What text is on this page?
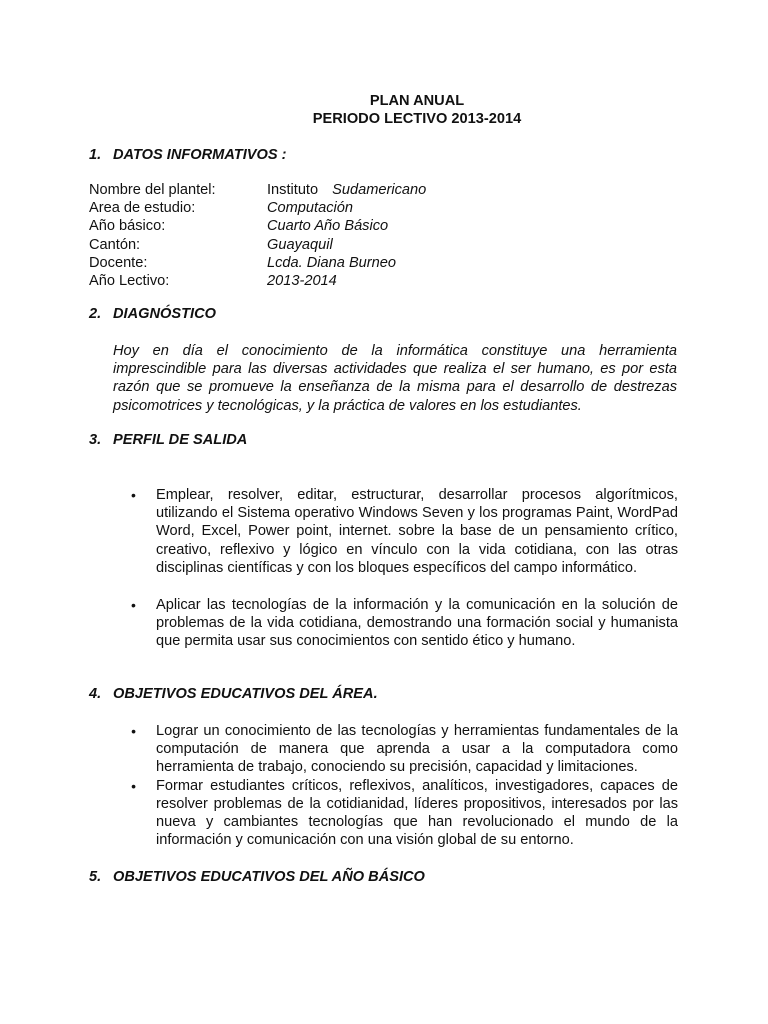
PLAN ANUAL
PERIODO LECTIVO 2013-2014
1. DATOS INFORMATIVOS :
Nombre del plantel:	Instituto Sudamericano
Area de estudio:	Computación
Año básico:	Cuarto Año Básico
Cantón:	Guayaquil
Docente:	Lcda. Diana Burneo
Año Lectivo:	2013-2014
2. DIAGNÓSTICO
Hoy en día el conocimiento de la informática constituye una herramienta imprescindible para las diversas actividades que realiza el ser humano, es por esta razón que se promueve la enseñanza de la misma para el desarrollo de destrezas psicomotrices y tecnológicas, y la práctica de valores en los estudiantes.
3. PERFIL DE SALIDA
• Emplear, resolver, editar, estructurar, desarrollar procesos algorítmicos, utilizando el Sistema operativo Windows Seven y los programas Paint, WordPad Word, Excel, Power point, internet. sobre la base de un pensamiento crítico, creativo, reflexivo y lógico en vínculo con la vida cotidiana, con las otras disciplinas científicas y con los bloques específicos del campo informático.
• Aplicar las tecnologías de la información y la comunicación en la solución de problemas de la vida cotidiana, demostrando una formación social y humanista que permita usar sus conocimientos con sentido ético y humano.
4. OBJETIVOS EDUCATIVOS DEL ÁREA.
• Lograr un conocimiento de las tecnologías y herramientas fundamentales de la computación de manera que aprenda a usar a la computadora como herramienta de trabajo, conociendo su precisión, capacidad y limitaciones.
• Formar estudiantes críticos, reflexivos, analíticos, investigadores, capaces de resolver problemas de la cotidianidad, líderes propositivos, interesados por las nueva y cambiantes tecnologías que han revolucionado el mundo de la información y comunicación con una visión global de su entorno.
5. OBJETIVOS EDUCATIVOS DEL AÑO BÁSICO
